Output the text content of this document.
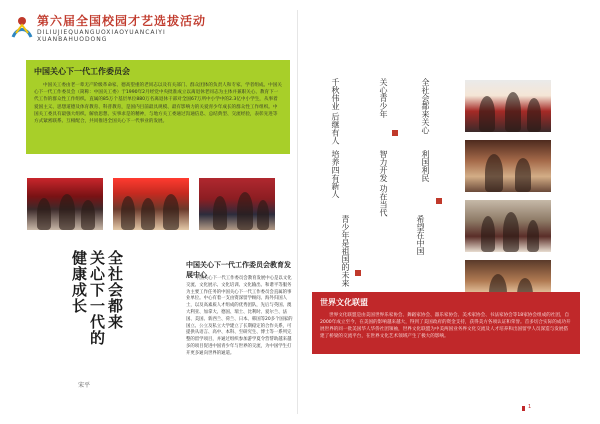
第六届全国校园才艺选拔活动
DILIUJIEQUANGUOXIAOYUANCAIYI
XUANBAHUODONG
中国关心下一代工作委员会
中国关工委由老一辈无产阶级革命家、德高望重的老同志以及有关部门、群众团体的负责人和专家、学者组成。中国关心下一代工作委员会（简称：中国关工委）于1990年2月经党中央批准成立以离退休老同志为主体并兼职关心、教育下一代工作的群众性工作组织。直属的85万个基层单位880万名离退休干部对全国67万所中小学中的2.3亿中小学生，从事着爱国主义、思想道德及体育教育、科普教育，是国内目前最具规模、最有影响力的关爱青少年成长的群众性工作组织。中国关工委具有最强大组织、解放思想、实事求是的精神，与地方关工委通过沟通信息、总结典型、交流经验，表彰先进等方式紧密联系、互相配合，共同推进全国关心下一代事业的发展。
全社会都来
关心下一代的
健康成长
宋平
中国关心下一代工作委员会教育发展中心
中国关心下一代工作委员会教育发展中心是以文化交流、文化展示、文化培训、文化输出、和谐平等服务为主要工作任务的中国关心下一代工作委员会直属的事业单位。中心有着一支由资深留学顾问、海外归国人士，以及高素质人才组成的优秀团队，先后与英国、澳大利亚、加拿大、德国、瑞士、比利时、爱尔兰、法国、美国、新西兰、荷兰、日本、韩国等20多个国家的国立、公立及私立大学建立了长期稳定的合作关系，可提供从语言、高中、本科、至研究生、博士等一系列完整的留学项目，并通过组织参加游学夏令营帮助越来越多的项目促进中国青少年与世界的交流，为中国学生打开更多通向世界的通道。
千秋伟业 后继有人	关心青少年	全社会都来关心
培养四有新人	智力开发 功在当代	利国利民
青少年是祖国的未来	希望在中国
世界文化联盟
世界文化联盟是由美国世界乐家协会、舞蹈家协会、器乐家协会、美术家协会、书法家协会等18家协会组成的社团，自2000年成立至今，在美国的影响越来越大，得到了美国政府的资金支持，获得美方各项认证和荣誉。首多切合实际的成功开展世界的同一批美国华人华侨社团领袖，世界文化联盟为中美两国业务界文化交流及人才培养和出国留学人员深造与发展搭建了桥梁的交流平台，在世界文化艺术领域产生了极大的影响。
1
